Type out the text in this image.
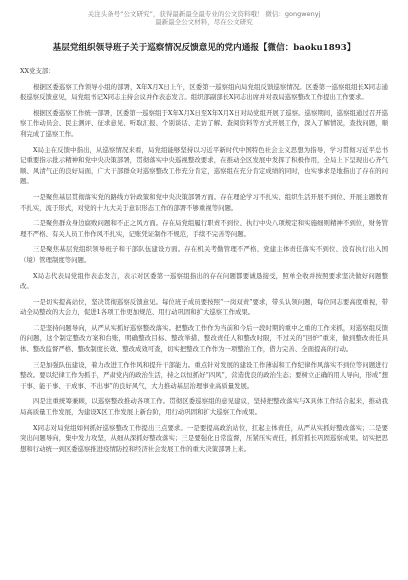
关注头条号“公文研究”，获得最新最全最专业的公文资料哦！ 微信：gongwenyj
最新最全公文材料，尽在公文研究
基层党组织领导班子关于巡察情况反馈意见的党内通报【微信：baoku1893】

XX党支部：

根据区委巡察工作领导小组的部署，X年X月X日上午，区委第一巡察组向局党组反馈巡察情况。区委第一巡察组组长X同志通报巡察反馈意见，局党组书记X同志主持会议并作表态发言。组织部副部长X同志出席并对我局巡察整改工作提出工作要求。

根据区委巡察工作统一部署，区委第一巡察组于X年X月X日至X年X月X日对局党组开展了巡察。巡察期间，巡察组通过召开巡察工作动员会、民主测评、征求意见、听取汇报、个别谈话、走访了解、查阅资料等方式开展工作，深入了解情况，查找问题，顺利完成了巡察工作。

X局主在反馈中指出，从巡察情况来看，局党组能够坚持以习近平新时代中国特色社会主义思想为指导，学习贯彻习近平总书记重要指示批示精神和党中央决策部署，贯彻落实中央巡视整改要求，在推动全区发展中发挥了积极作用，全局上下呈现出心齐气顺、风清气正的良好局面，广大干部群众对巡察整改工作充分肯定，巡察组在充分肯定成绩的同时，也实事求是地指出了存在的问题。

一是聚焦基层贯彻落实党的路线方针政策和党中央决策部署方面。存在理论学习不扎实、组织生活开展不到位、开展主题教育不扎实，流于形式，对党的十九大关于意识形态工作的部署不够重视等问题。

二是聚焦群众身边腐败问题和不正之风方面。存在局党组履行职责不到位、执行中央八项规定和实施细则精神不到位，财务管理不严格、有关人员工作作风不扎实，记账凭证制作不规范，手续不完善等问题。

三是聚焦基层党组织领导班子和干部队伍建设方面。存在机关考勤管理不严格、党建主体责任落实不到位、没有执行出入国（境）管理制度等问题。

X局志代表局党组作表态发言，表示对区委第一巡察组指出的存在问题都要诚恳接受，照单全收并按照要求坚决做好问题整改。

一是切实提高站位，坚决贯彻巡察反馈意见。每位班子成员要按照“一岗双责”要求，带头认领问题，每位同志要高度重视，带动全局整改的大会力，促进1各项工作更加规范、用行动巩固和扩大巡察工作成果。

二是坚持问题导向，从严从实抓好巡察整改落实。把整改工作作为当前和今后一段时期的重中之重的工作来抓，对巡察组反馈的问题，这个制定整改方案和台账，明确整改目标、整改举措、整改责任人和整改时限，不过关的“回炉”重来，做到整改责任具体、整改监督严格、整改制度长效、整改成效可查，切实把整改工作作为一项整治工作，借力完善、全面提高的行动。

三是加强队伍建设，着力改进工作作风和提升干部能力。重点针对发展的建设工作薄弱和工作纪律作风落实不到位等问题进行整改。要以纪律工作为抓手，严肃党内的政治生活，持之以恒抓好“四风”，营造优良的政治生态；要树立正确的用人导向，形成“想干事、能干事、干成事、不出事”的良好风气，大力推动基层治理事业高质量发展。

四是注重统筹兼顾，以巡察整改推动各项工作。贯彻区委巡察组的意见建议，坚持把整改落实与X具体工作结合起来，推动我局高质量工作发展，为建设X区工作发展上新台阶，用行动巩固和扩大巡察工作成果。

X同志对局党组如何抓好巡察整改工作提出三点要求。一是要提高政治站位，扛起主体责任，从严从实抓好整改落实；二是要突出问题导向，集中发力攻坚，从细从深抓好整改落实；三是要强化日常监督，压紧压实责任，抓常抓长巩固巡察成果。切实把思想和行动统一到区委巡察推进疫情防控和经济社会发展工作的重大决策部署上来。
